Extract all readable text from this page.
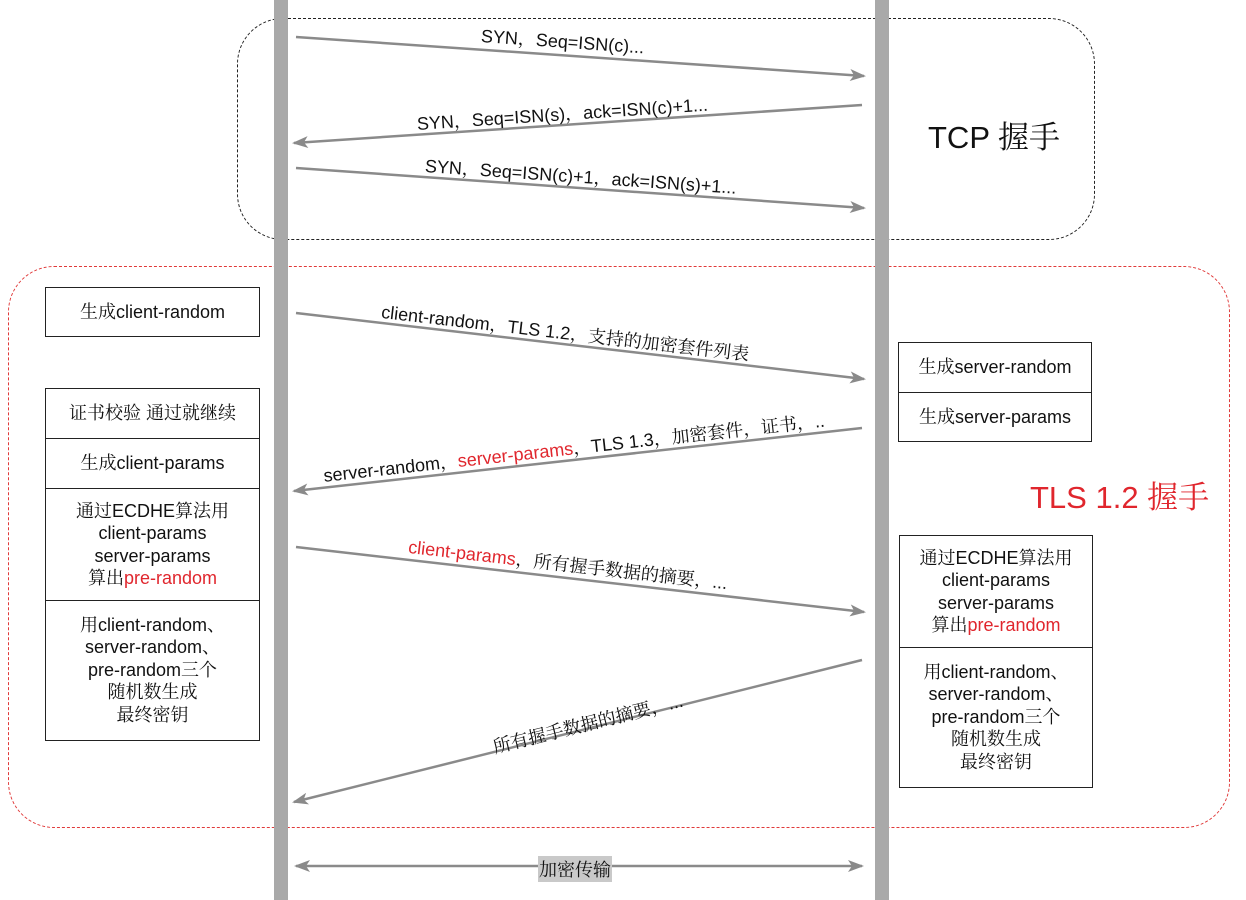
SYN，Seq=ISN(c)...
SYN，Seq=ISN(s)，ack=ISN(c)+1...
SYN，Seq=ISN(c)+1，ack=ISN(s)+1...
client-random，TLS 1.2，支持的加密套件列表
server-random，server-params，TLS 1.3，加密套件，证书，..
client-params，所有握手数据的摘要，...
所有握手数据的摘要，...
加密传输
TCP 握手
TLS 1.2 握手
生成client-random
证书校验 通过就继续
生成client-params
通过ECDHE算法用
client-params
server-params
算出pre-random
用client-random、
server-random、
pre-random三个
随机数生成
最终密钥
生成server-random
生成server-params
通过ECDHE算法用
client-params
server-params
算出pre-random
用client-random、
server-random、
pre-random三个
随机数生成
最终密钥
